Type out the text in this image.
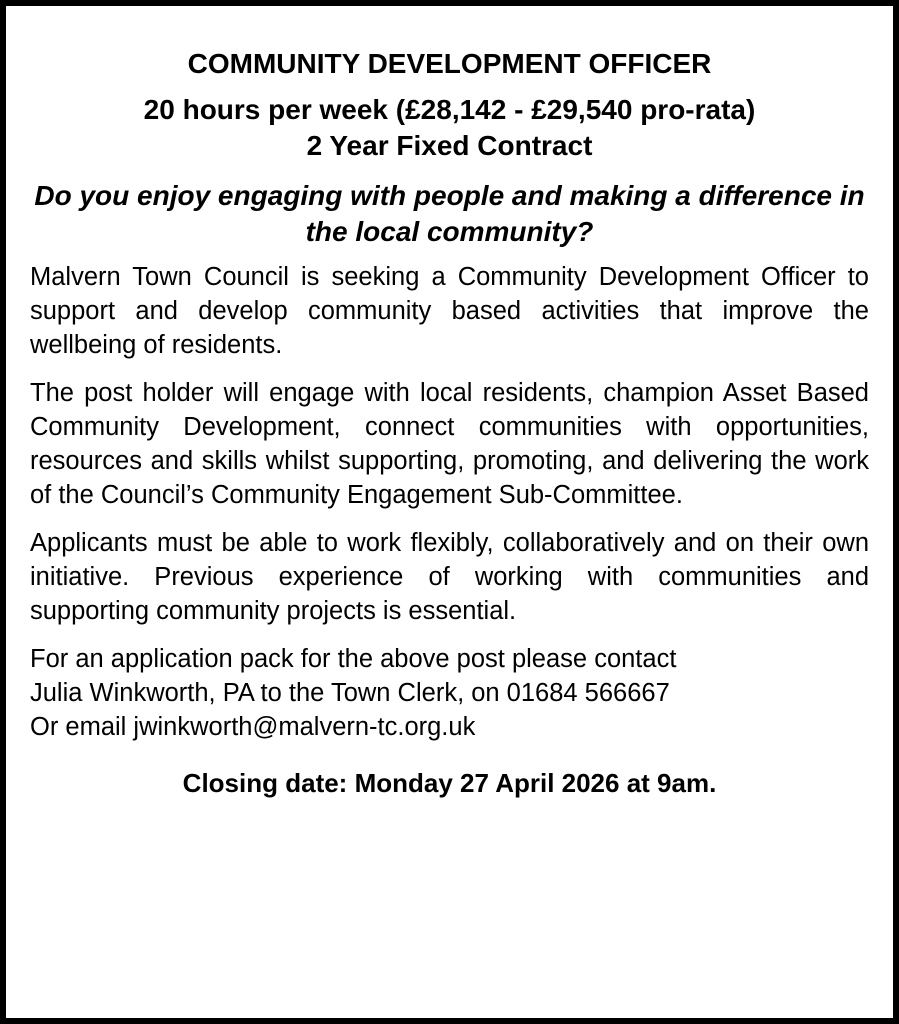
COMMUNITY DEVELOPMENT OFFICER
20 hours per week (£28,142 - £29,540 pro-rata)
2 Year Fixed Contract
Do you enjoy engaging with people and making a difference in the local community?

Malvern Town Council is seeking a Community Development Officer to support and develop community based activities that improve the wellbeing of residents.

The post holder will engage with local residents, champion Asset Based Community Development, connect communities with opportunities, resources and skills whilst supporting, promoting, and delivering the work of the Council’s Community Engagement Sub-Committee.

Applicants must be able to work flexibly, collaboratively and on their own initiative. Previous experience of working with communities and supporting community projects is essential.

For an application pack for the above post please contact
Julia Winkworth, PA to the Town Clerk, on 01684 566667
Or email jwinkworth@malvern-tc.org.uk
Closing date: Monday 27 April 2026 at 9am.
